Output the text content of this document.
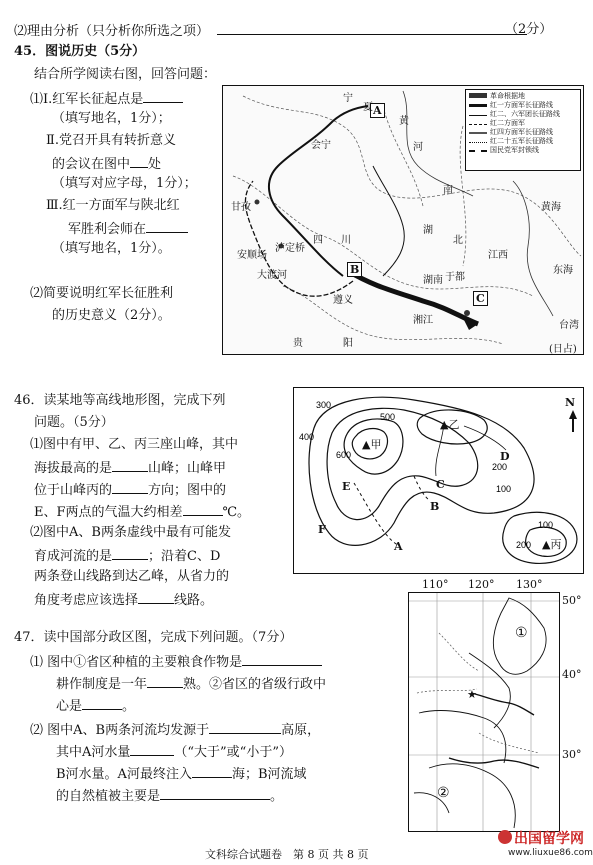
⑵理由分析（只分析你所选之项）	（2分）
45．图说历史（5分）
结合所学阅读右图，回答问题：
⑴Ⅰ.红军长征起点是
（填写地名，1分）；
Ⅱ.党召开具有转折意义
的会议在图中 处
（填写对应字母，1分）；
Ⅲ.红一方面军与陕北红
军胜利会师在
（填写地名，1分）。
⑵简要说明红军长征胜利
的历史意义（2分）。
A
B
C
宁
夏
黄
河
会宁
甘孜
安顺场
泸定桥
大渡河
四 川
湖
北
南
贵	阳
湘江
于都
湖南
江西
黄海
东海
台湾
(日占)
遵义
革命根据地
红一方面军长征路线
红二、六军团长征路线
红二方面军
红四方面军长征路线
红二十五军长征路线
国民党军封锁线
46．读某地等高线地形图，完成下列
问题。（5分）
⑴图中有甲、乙、丙三座山峰，其中
海拔最高的是	山峰；山峰甲
位于山峰丙的	方向；图中的
E、F两点的气温大约相差	℃。
⑵图中A、B两条虚线中最有可能发
育成河流的是	；沿着C、D
两条登山线路到达乙峰，从省力的
角度考虑应该选择	线路。
500
300
400
600
200
100
100
200
▲甲
▲乙
▲丙
E	C
D
B
F
A
N
47．读中国部分政区图，完成下列问题。（7分）
⑴ 图中①省区种植的主要粮食作物是
耕作制度是一年	熟。②省区的省级行政中
心是	。
⑵ 图中A、B两条河流均发源于	高原，
其中A河水量	（“大于”或“小于”）
B河水量。A河最终注入	海；B河流域
的自然植被主要是	。
110° 120° 130°
50°
40°
30°
①
②
★
文科综合试题卷　第 8 页 共 8 页
出国留学网
www.liuxue86.com
